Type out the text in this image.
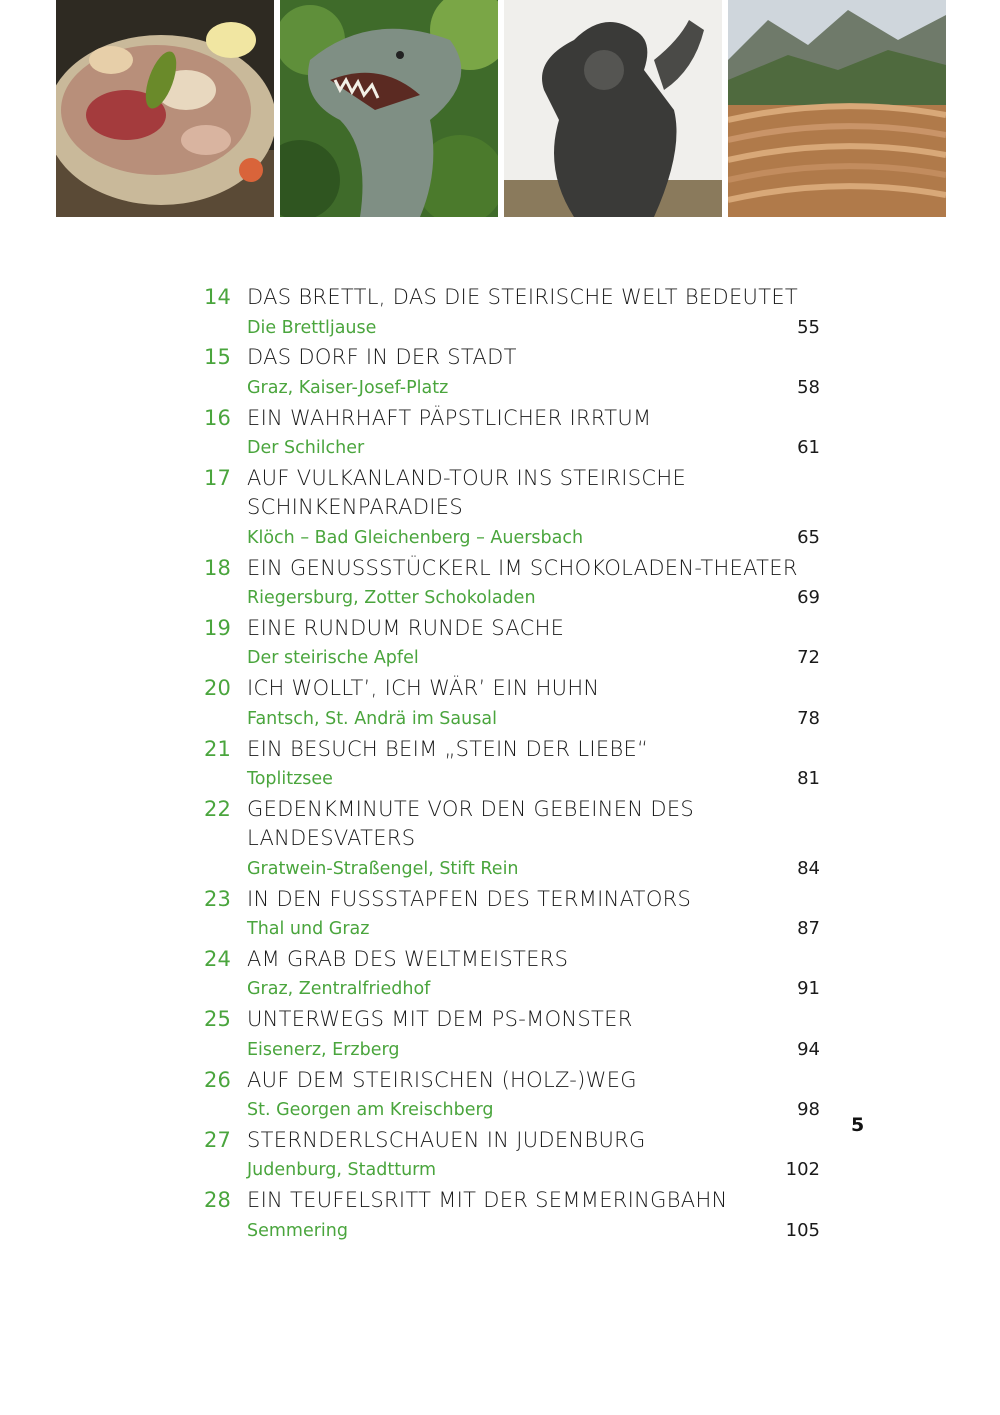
14 DAS BRETTL, DAS DIE STEIRISCHE WELT BEDEUTET
Die Brettljause	55
15 DAS DORF IN DER STADT
Graz, Kaiser-Josef-Platz	58
16 EIN WAHRHAFT PÄPSTLICHER IRRTUM
Der Schilcher	61
17 AUF VULKANLAND-TOUR INS STEIRISCHE SCHINKENPARADIES
Klöch – Bad Gleichenberg – Auersbach	65
18 EIN GENUSSSTÜCKERL IM SCHOKOLADEN-THEATER
Riegersburg, Zotter Schokoladen	69
19 EINE RUNDUM RUNDE SACHE
Der steirische Apfel	72
20 ICH WOLLT’, ICH WÄR’ EIN HUHN
Fantsch, St. Andrä im Sausal	78
21 EIN BESUCH BEIM „STEIN DER LIEBE“
Toplitzsee	81
22 GEDENKMINUTE VOR DEN GEBEINEN DES LANDESVATERS
Gratwein-Straßengel, Stift Rein	84
23 IN DEN FUSSSTAPFEN DES TERMINATORS
Thal und Graz	87
24 AM GRAB DES WELTMEISTERS
Graz, Zentralfriedhof	91
25 UNTERWEGS MIT DEM PS-MONSTER
Eisenerz, Erzberg	94
26 AUF DEM STEIRISCHEN (HOLZ-)WEG
St. Georgen am Kreischberg	98
27 STERNDERLSCHAUEN IN JUDENBURG
Judenburg, Stadtturm	102
28 EIN TEUFELSRITT MIT DER SEMMERINGBAHN
Semmering	105
5
